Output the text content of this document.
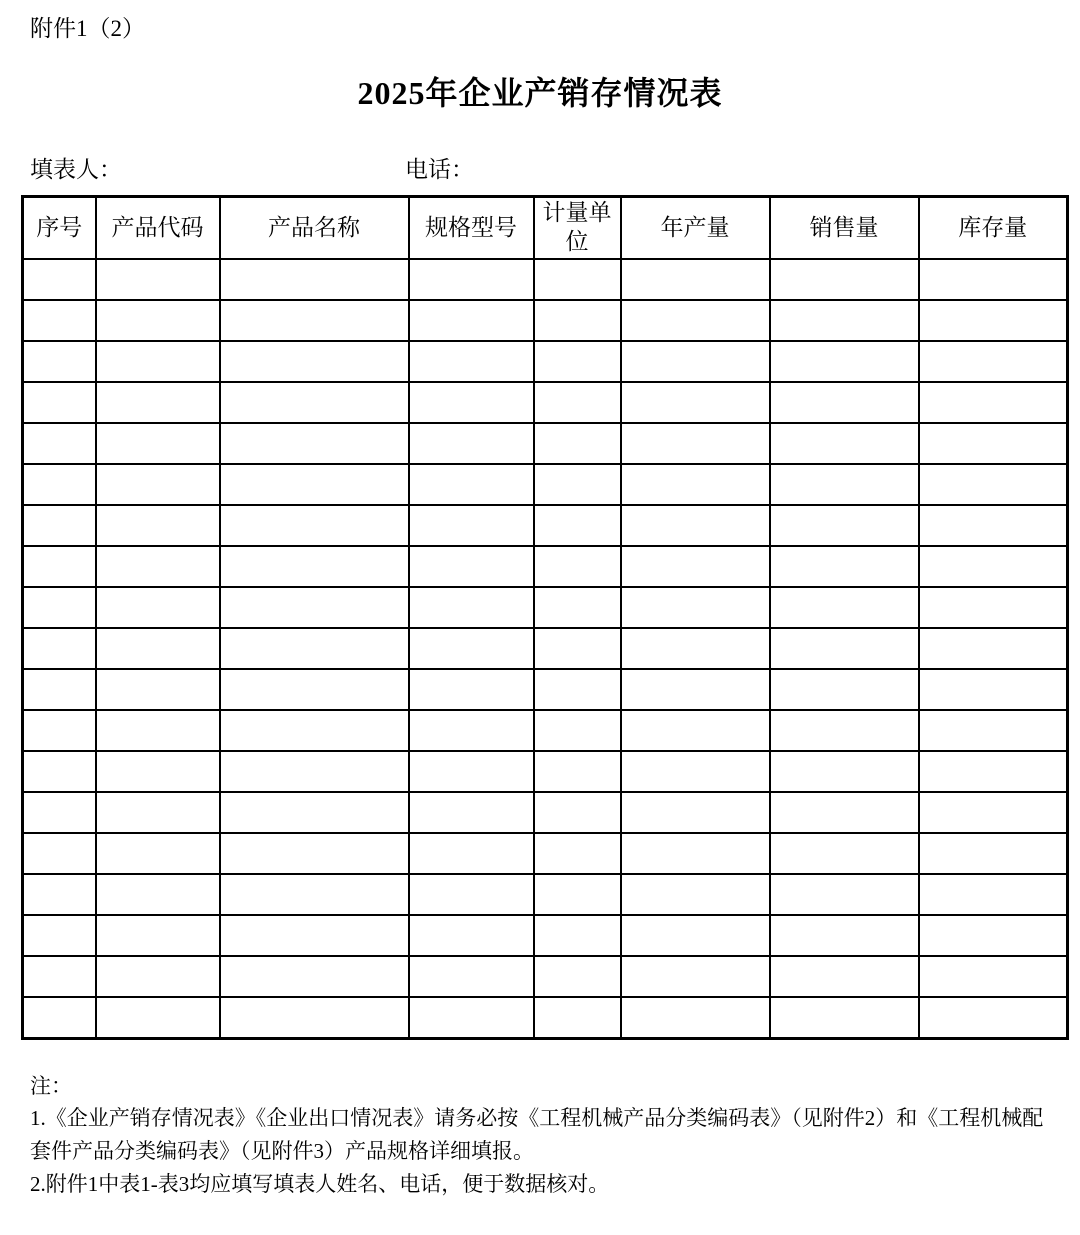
附件1（2）
2025年企业产销存情况表
填表人：	电话：
序号	产品代码	产品名称	规格型号	计量单位	年产量	销售量	库存量

注：
1.《企业产销存情况表》《企业出口情况表》请务必按《工程机械产品分类编码表》（见附件2）和《工程机械配套件产品分类编码表》（见附件3）产品规格详细填报。
2.附件1中表1-表3均应填写填表人姓名、电话，便于数据核对。
